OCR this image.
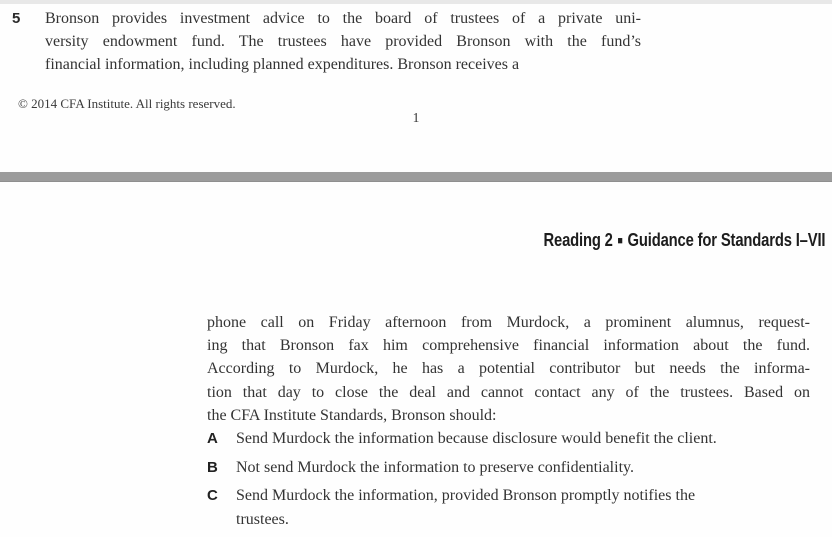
5	Bronson provides investment advice to the board of trustees of a private uni-
versity endowment fund. The trustees have provided Bronson with the fund’s
financial information, including planned expenditures. Bronson receives a
© 2014 CFA Institute. All rights reserved.
1
Reading 2 ■ Guidance for Standards I–VII
phone call on Friday afternoon from Murdock, a prominent alumnus, request-
ing that Bronson fax him comprehensive financial information about the fund.
According to Murdock, he has a potential contributor but needs the informa-
tion that day to close the deal and cannot contact any of the trustees. Based on
the CFA Institute Standards, Bronson should:
A	Send Murdock the information because disclosure would benefit the client.
B	Not send Murdock the information to preserve confidentiality.
C	Send Murdock the information, provided Bronson promptly notifies the
trustees.
